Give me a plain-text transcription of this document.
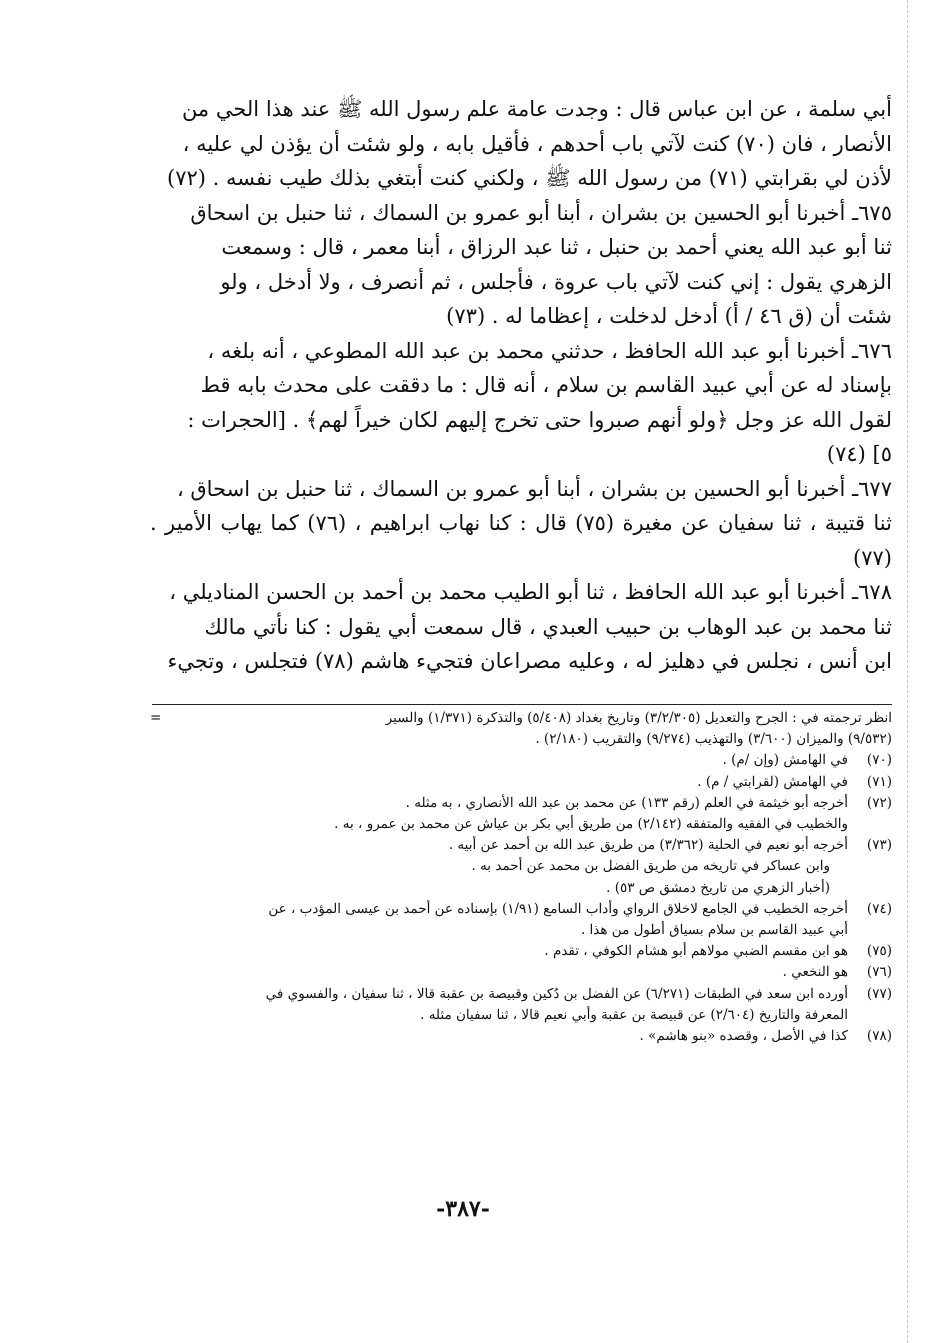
أبي سلمة ، عن ابن عباس قال : وجدت عامة علم رسول الله ﷺ عند هذا الحي من

الأنصار ، فان (٧٠) كنت لآتي باب أحدهم ، فأقيل بابه ، ولو شئت أن يؤذن لي عليه ،

لأذن لي بقرابتي (٧١) من رسول الله ﷺ ، ولكني كنت أبتغي بذلك طيب نفسه . (٧٢)

٦٧٥ـ أخبرنا أبو الحسين بن بشران ، أبنا أبو عمرو بن السماك ، ثنا حنبل بن اسحاق

ثنا أبو عبد الله يعني أحمد بن حنبل ، ثنا عبد الرزاق ، أبنا معمر ، قال : وسمعت

الزهري يقول : إني كنت لآتي باب عروة ، فأجلس ، ثم أنصرف ، ولا أدخل ، ولو

شئت أن (ق ٤٦ / أ) أدخل لدخلت ، إعظاما له . (٧٣)

٦٧٦ـ أخبرنا أبو عبد الله الحافظ ، حدثني محمد بن عبد الله المطوعي ، أنه بلغه ،

بإسناد له عن أبي عبيد القاسم بن سلام ، أنه قال : ما دققت على محدث بابه قط

لقول الله عز وجل ﴿ولو أنهم صبروا حتى تخرج إليهم لكان خيراً لهم﴾ . [الحجرات :

٥] (٧٤)

٦٧٧ـ أخبرنا أبو الحسين بن بشران ، أبنا أبو عمرو بن السماك ، ثنا حنبل بن اسحاق ،

ثنا قتيبة ، ثنا سفيان عن مغيرة (٧٥) قال : كنا نهاب ابراهيم ، (٧٦) كما يهاب الأمير . (٧٧)

٦٧٨ـ أخبرنا أبو عبد الله الحافظ ، ثنا أبو الطيب محمد بن أحمد بن الحسن المناديلي ،

ثنا محمد بن عبد الوهاب بن حبيب العبدي ، قال سمعت أبي يقول : كنا نأتي مالك

ابن أنس ، نجلس في دهليز له ، وعليه مصراعان فتجيء هاشم (٧٨) فتجلس ، وتجيء

انظر ترجمته في : الجرح والتعديل (٣/٢/٣٠٥) وتاريخ بغداد (٥/٤٠٨) والتذكرة (١/٣٧١) والسير
(٩/٥٣٢) والميزان (٣/٦٠٠) والتهذيب (٩/٢٧٤) والتقريب (٢/١٨٠) .
=
(٧٠)
في الهامش (وإن /م) .
(٧١)
في الهامش (لقرابتي / م) .
(٧٢)
أخرجه أبو خيثمة في العلم (رقم ١٣٣) عن محمد بن عبد الله الأنصاري ، به مثله .

والخطيب في الفقيه والمتفقه (٢/١٤٢) من طريق أبي بكر بن عياش عن محمد بن عمرو ، به .

(٧٣)
أخرجه أبو نعيم في الحلية (٣/٣٦٢) من طريق عبد الله بن أحمد عن أبيه .

وابن عساكر في تاريخه من طريق الفضل بن محمد عن أحمد به .

(أخبار الزهري من تاريخ دمشق ص ٥٣) .

(٧٤)
أخرجه الخطيب في الجامع لاخلاق الرواي وأداب السامع (١/٩١) بإسناده عن أحمد بن عيسى المؤدب ، عن

أبي عبيد القاسم بن سلام بسياق أطول من هذا .

(٧٥)
هو ابن مقسم الضبي مولاهم أبو هشام الكوفي ، تقدم .
(٧٦)
هو النخعي .
(٧٧)
أورده ابن سعد في الطبقات (٦/٢٧١) عن الفضل بن دُكين وقبيصة بن عقبة قالا ، ثنا سفيان ، والفسوي في

المعرفة والتاريخ (٢/٦٠٤) عن قبيصة بن عقبة وأبي نعيم قالا ، ثنا سفيان مثله .

(٧٨)
كذا في الأصل ، وقصده «بنو هاشم» .
-٣٨٧-
